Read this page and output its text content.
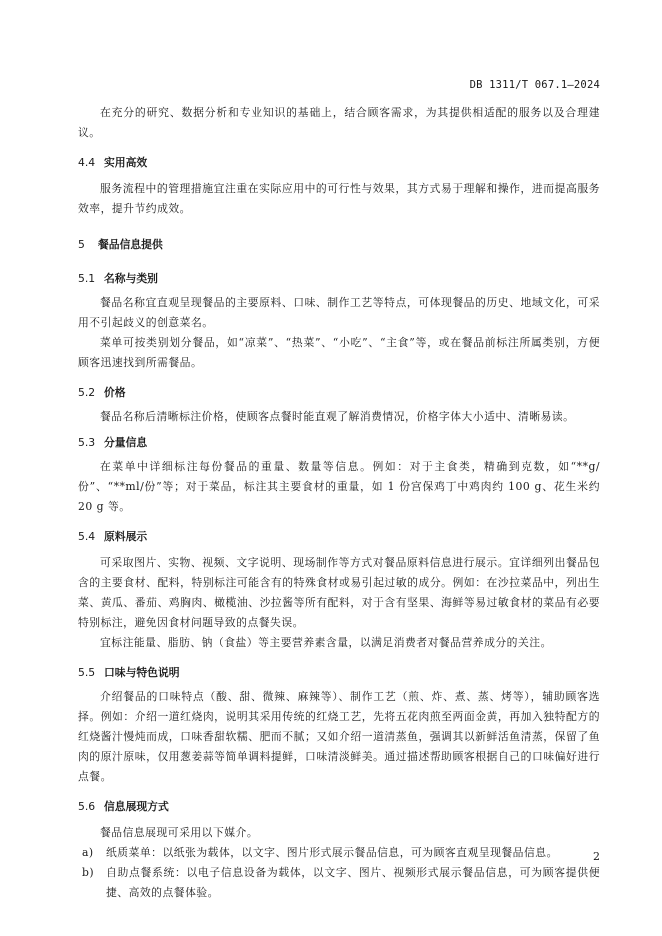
DB 1311/T 067.1—2024

在充分的研究、数据分析和专业知识的基础上，结合顾客需求，为其提供相适配的服务以及合理建议。

4.4 实用高效

服务流程中的管理措施宜注重在实际应用中的可行性与效果，其方式易于理解和操作，进而提高服务效率，提升节约成效。

5 餐品信息提供

5.1 名称与类别

餐品名称宜直观呈现餐品的主要原料、口味、制作工艺等特点，可体现餐品的历史、地域文化，可采用不引起歧义的创意菜名。

菜单可按类别划分餐品，如“凉菜”、“热菜”、“小吃”、“主食”等，或在餐品前标注所属类别，方便顾客迅速找到所需餐品。

5.2 价格

餐品名称后清晰标注价格，使顾客点餐时能直观了解消费情况，价格字体大小适中、清晰易读。

5.3 分量信息

在菜单中详细标注每份餐品的重量、数量等信息。例如：对于主食类，精确到克数，如“**g/份”、“**ml/份”等；对于菜品，标注其主要食材的重量，如 1 份宫保鸡丁中鸡肉约 100 g、花生米约 20 g 等。

5.4 原料展示

可采取图片、实物、视频、文字说明、现场制作等方式对餐品原料信息进行展示。宜详细列出餐品包含的主要食材、配料，特别标注可能含有的特殊食材或易引起过敏的成分。例如：在沙拉菜品中，列出生菜、黄瓜、番茄、鸡胸肉、橄榄油、沙拉酱等所有配料，对于含有坚果、海鲜等易过敏食材的菜品有必要特别标注，避免因食材问题导致的点餐失误。

宜标注能量、脂肪、钠（食盐）等主要营养素含量，以满足消费者对餐品营养成分的关注。

5.5 口味与特色说明

介绍餐品的口味特点（酸、甜、微辣、麻辣等）、制作工艺（煎、炸、煮、蒸、烤等），辅助顾客选择。例如：介绍一道红烧肉，说明其采用传统的红烧工艺，先将五花肉煎至两面金黄，再加入独特配方的红烧酱汁慢炖而成，口味香甜软糯、肥而不腻；又如介绍一道清蒸鱼，强调其以新鲜活鱼清蒸，保留了鱼肉的原汁原味，仅用葱姜蒜等简单调料提鲜，口味清淡鲜美。通过描述帮助顾客根据自己的口味偏好进行点餐。

5.6 信息展现方式

餐品信息展现可采用以下媒介。

a)	纸质菜单：以纸张为载体，以文字、图片形式展示餐品信息，可为顾客直观呈现餐品信息。
b)	自助点餐系统：以电子信息设备为载体，以文字、图片、视频形式展示餐品信息，可为顾客提供便捷、高效的点餐体验。
2
